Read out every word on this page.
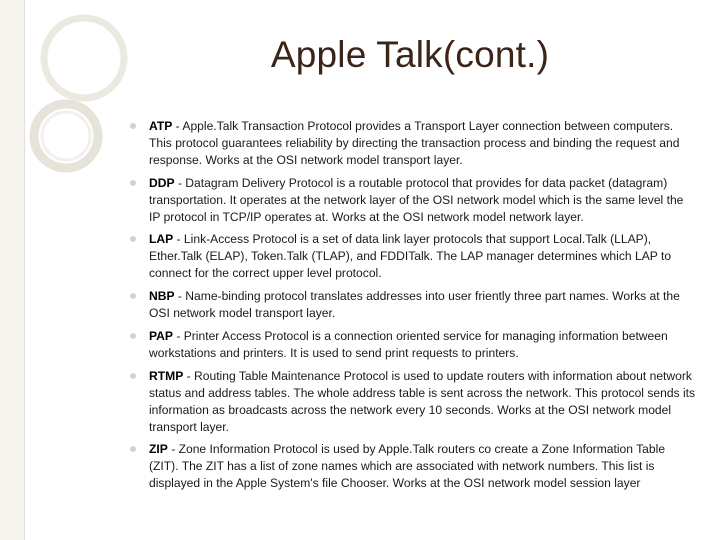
Apple Talk(cont.)
ATP - Apple.Talk Transaction Protocol provides a Transport Layer connection between computers. This protocol guarantees reliability by directing the transaction process and binding the request and response. Works at the OSI network model transport layer.
DDP - Datagram Delivery Protocol is a routable protocol that provides for data packet (datagram) transportation. It operates at the network layer of the OSI network model which is the same level the IP protocol in TCP/IP operates at. Works at the OSI network model network layer.
LAP - Link-Access Protocol is a set of data link layer protocols that support Local.Talk (LLAP), Ether.Talk (ELAP), Token.Talk (TLAP), and FDDITalk. The LAP manager determines which LAP to connect for the correct upper level protocol.
NBP - Name-binding protocol translates addresses into user friently three part names. Works at the OSI network model transport layer.
PAP - Printer Access Protocol is a connection oriented service for managing information between workstations and printers. It is used to send print requests to printers.
RTMP - Routing Table Maintenance Protocol is used to update routers with information about network status and address tables. The whole address table is sent across the network. This protocol sends its information as broadcasts across the network every 10 seconds. Works at the OSI network model transport layer.
ZIP - Zone Information Protocol is used by Apple.Talk routers co create a Zone Information Table (ZIT). The ZIT has a list of zone names which are associated with network numbers. This list is displayed in the Apple System's file Chooser. Works at the OSI network model session layer
